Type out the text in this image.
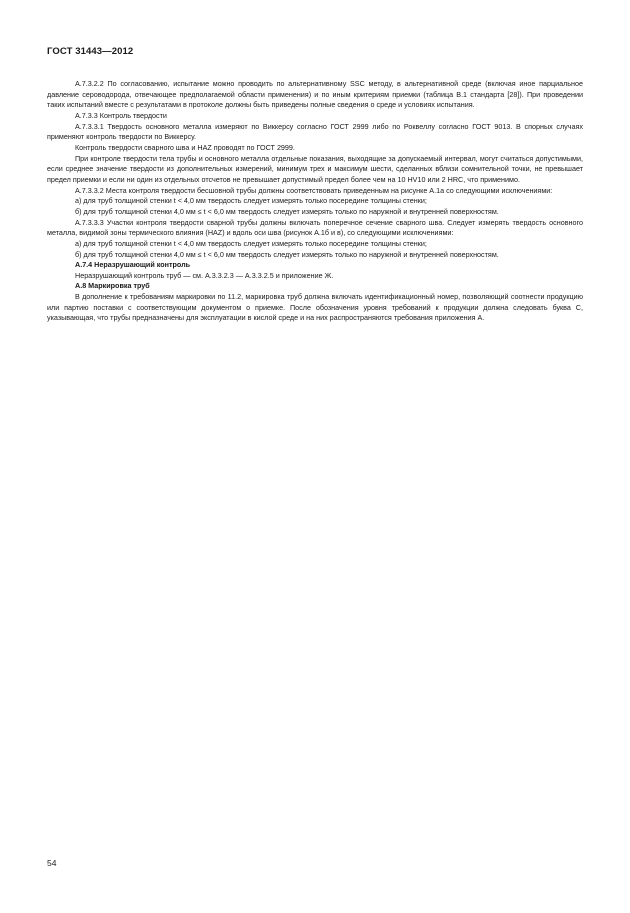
ГОСТ 31443—2012

А.7.3.2.2 По согласованию, испытание можно проводить по альтернативному SSC методу, в альтернативной среде (включая иное парциальное давление сероводорода, отвечающее предполагаемой области применения) и по иным критериям приемки (таблица В.1 стандарта [28]). При проведении таких испытаний вместе с результатами в протоколе должны быть приведены полные сведения о среде и условиях испытания.

А.7.3.3 Контроль твердости

А.7.3.3.1 Твердость основного металла измеряют по Виккерсу согласно ГОСТ 2999 либо по Роквеллу согласно ГОСТ 9013. В спорных случаях применяют контроль твердости по Виккерсу.

Контроль твердости сварного шва и HAZ проводят по ГОСТ 2999.

При контроле твердости тела трубы и основного металла отдельные показания, выходящие за допускаемый интервал, могут считаться допустимыми, если среднее значение твердости из дополнительных измерений, минимум трех и максимум шести, сделанных вблизи сомнительной точки, не превышает предел приемки и если ни один из отдельных отсчетов не превышает допустимый предел более чем на 10 HV10 или 2 HRC, что применимо.

А.7.3.3.2 Места контроля твердости бесшовной трубы должны соответствовать приведенным на рисунке А.1а со следующими исключениями:

а) для труб толщиной стенки t < 4,0 мм твердость следует измерять только посередине толщины стенки;

б) для труб толщиной стенки 4,0 мм ≤ t < 6,0 мм твердость следует измерять только по наружной и внутренней поверхностям.

А.7.3.3.3 Участки контроля твердости сварной трубы должны включать поперечное сечение сварного шва. Следует измерять твердость основного металла, видимой зоны термического влияния (HAZ) и вдоль оси шва (рисунок А.1б и в), со следующими исключениями:

а) для труб толщиной стенки t < 4,0 мм твердость следует измерять только посередине толщины стенки;

б) для труб толщиной стенки 4,0 мм ≤ t < 6,0 мм твердость следует измерять только по наружной и внутренней поверхностям.

А.7.4 Неразрушающий контроль

Неразрушающий контроль труб — см. А.3.3.2.3 — А.3.3.2.5 и приложение Ж.

А.8 Маркировка труб

В дополнение к требованиям маркировки по 11.2, маркировка труб должна включать идентификационный номер, позволяющий соотнести продукцию или партию поставки с соответствующим документом о приемке. После обозначения уровня требований к продукции должна следовать буква С, указывающая, что трубы предназначены для эксплуатации в кислой среде и на них распространяются требования приложения А.

54
